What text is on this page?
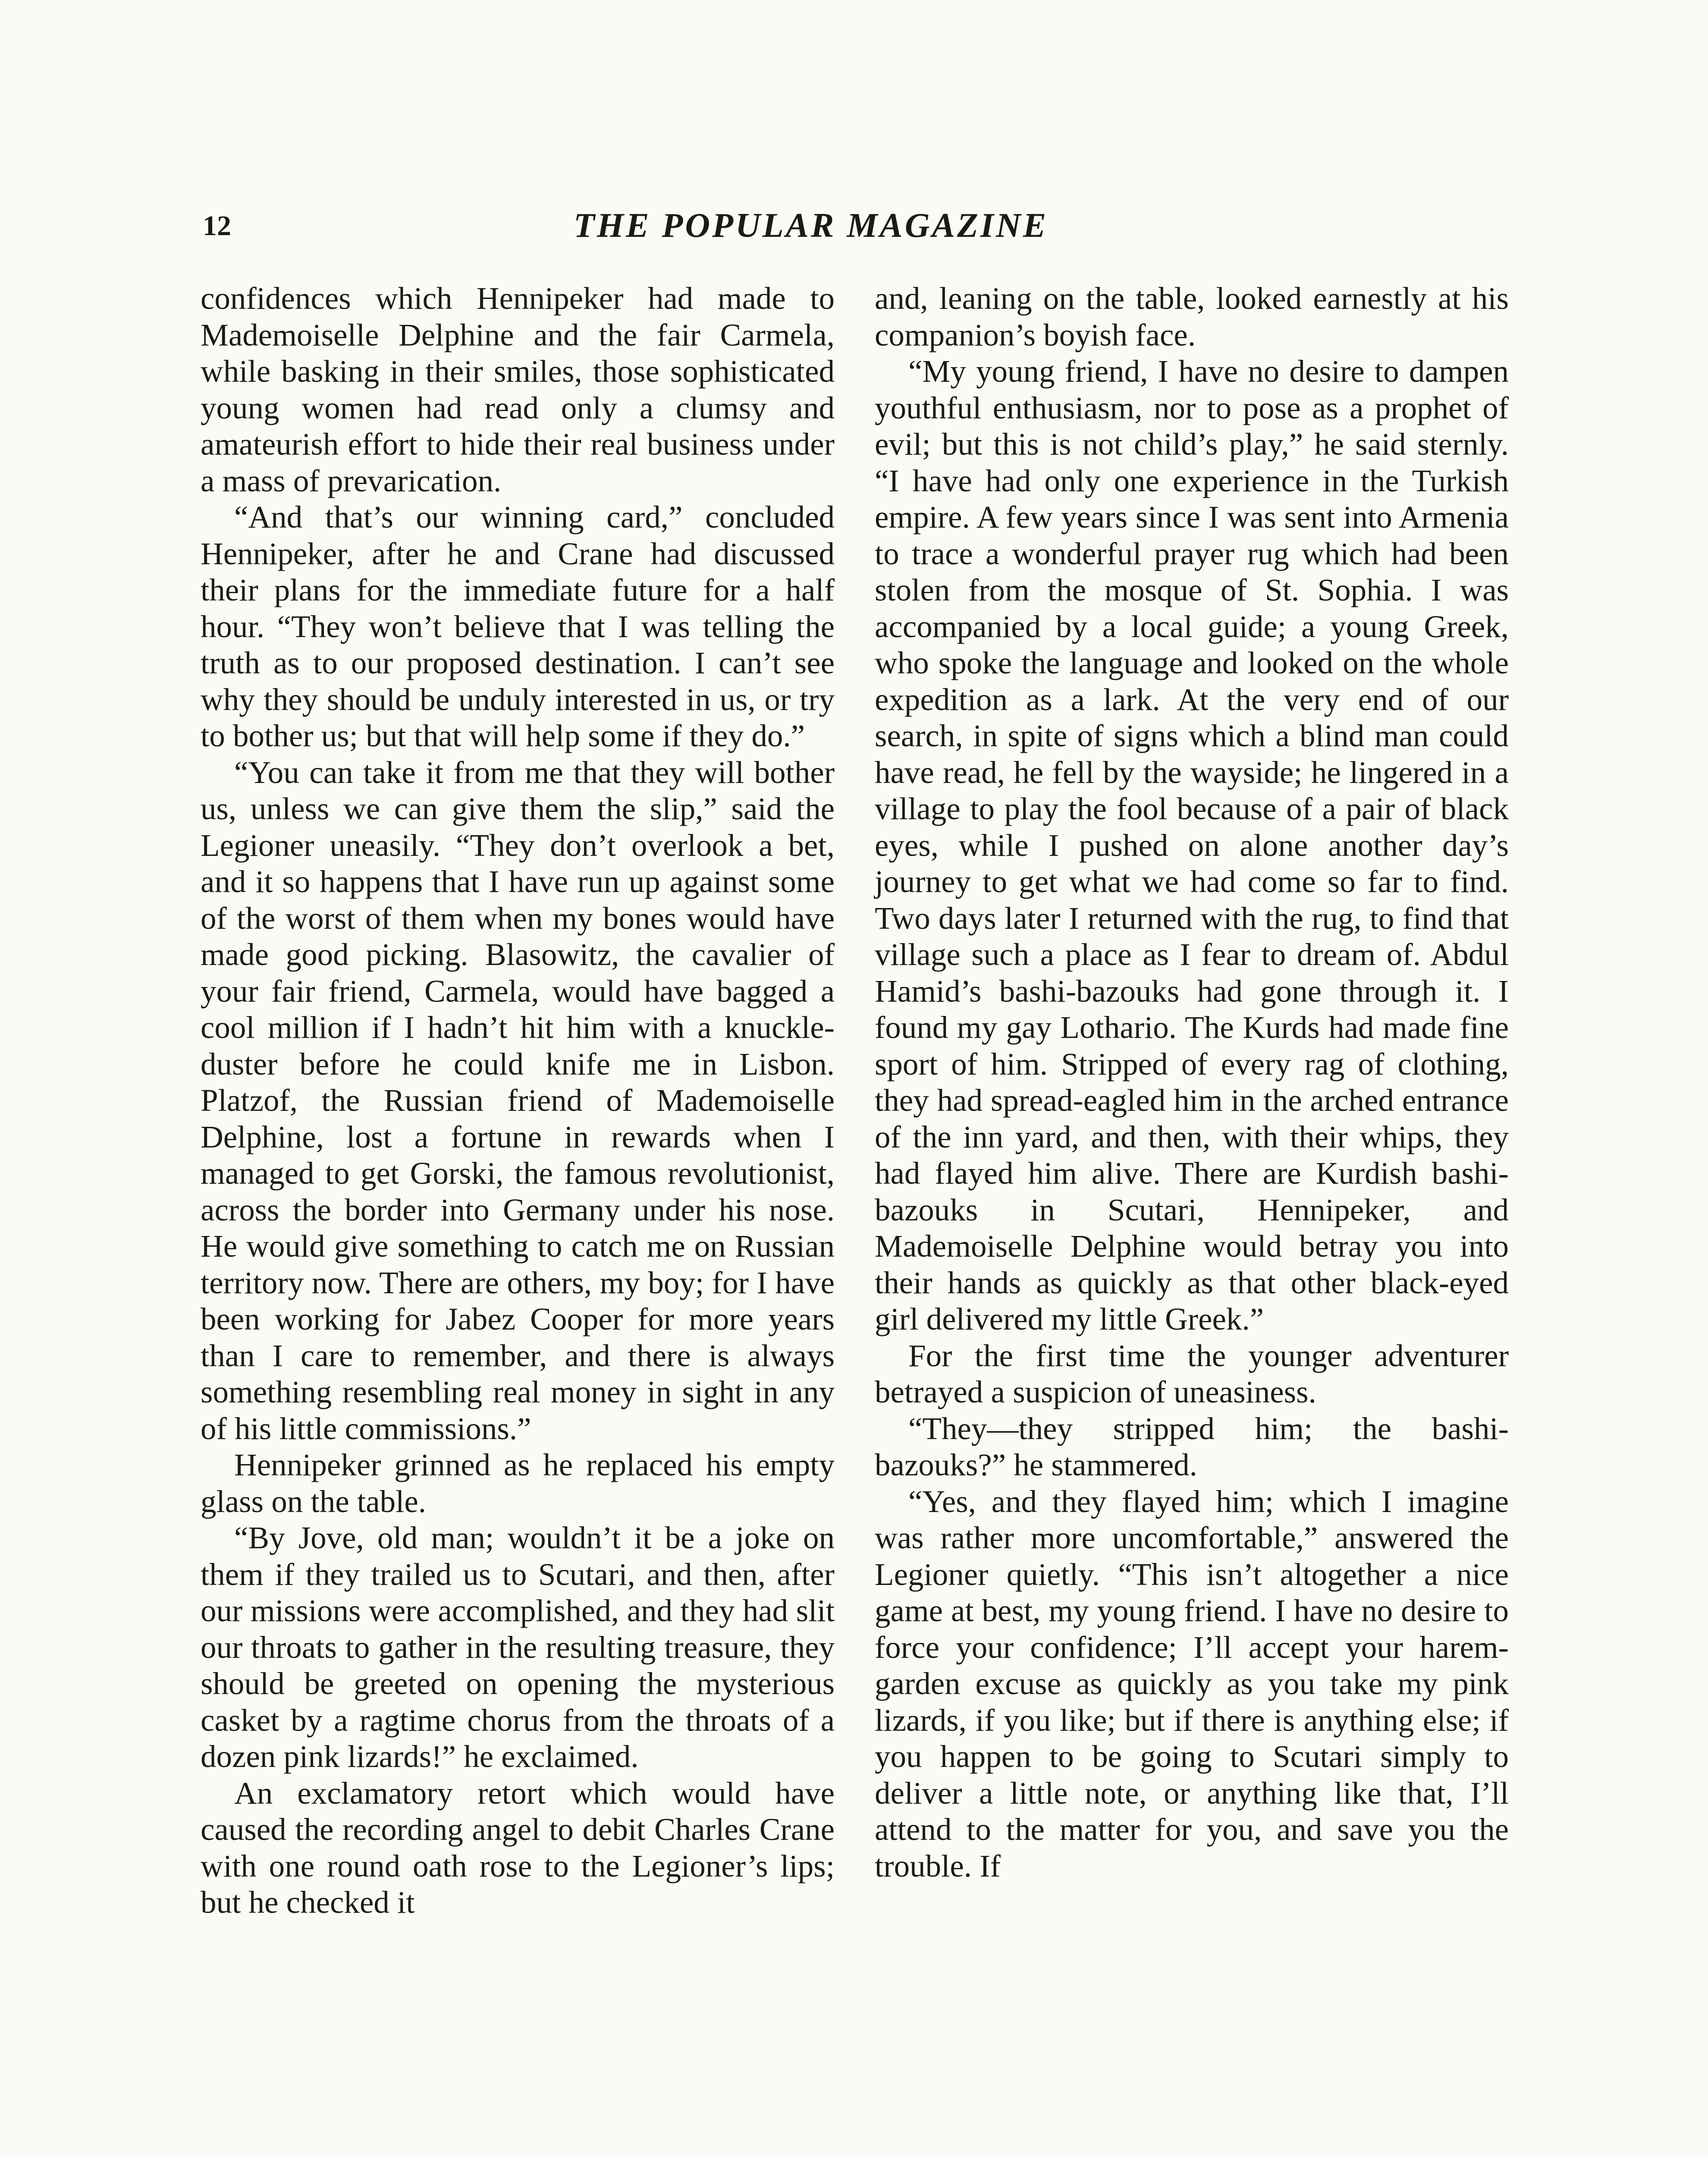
12	THE POPULAR MAGAZINE

confidences which Hennipeker had made to Mademoiselle Delphine and the fair Carmela, while basking in their smiles, those sophisticated young women had read only a clumsy and amateurish effort to hide their real business under a mass of prevarication.

“And that’s our winning card,” concluded Hennipeker, after he and Crane had discussed their plans for the immediate future for a half hour. “They won’t believe that I was telling the truth as to our proposed destination. I can’t see why they should be unduly interested in us, or try to bother us; but that will help some if they do.”

“You can take it from me that they will bother us, unless we can give them the slip,” said the Legioner uneasily. “They don’t overlook a bet, and it so happens that I have run up against some of the worst of them when my bones would have made good picking. Blasowitz, the cavalier of your fair friend, Carmela, would have bagged a cool million if I hadn’t hit him with a knuckle-duster before he could knife me in Lisbon. Platzof, the Russian friend of Mademoiselle Delphine, lost a fortune in rewards when I managed to get Gorski, the famous revolutionist, across the border into Germany under his nose. He would give something to catch me on Russian territory now. There are others, my boy; for I have been working for Jabez Cooper for more years than I care to remember, and there is always something resembling real money in sight in any of his little commissions.”

Hennipeker grinned as he replaced his empty glass on the table.

“By Jove, old man; wouldn’t it be a joke on them if they trailed us to Scutari, and then, after our missions were accomplished, and they had slit our throats to gather in the resulting treasure, they should be greeted on opening the mysterious casket by a ragtime chorus from the throats of a dozen pink lizards!” he exclaimed.

An exclamatory retort which would have caused the recording angel to debit Charles Crane with one round oath rose to the Legioner’s lips; but he checked it

and, leaning on the table, looked earnestly at his companion’s boyish face.

“My young friend, I have no desire to dampen youthful enthusiasm, nor to pose as a prophet of evil; but this is not child’s play,” he said sternly. “I have had only one experience in the Turkish empire. A few years since I was sent into Armenia to trace a wonderful prayer rug which had been stolen from the mosque of St. Sophia. I was accompanied by a local guide; a young Greek, who spoke the language and looked on the whole expedition as a lark. At the very end of our search, in spite of signs which a blind man could have read, he fell by the wayside; he lingered in a village to play the fool because of a pair of black eyes, while I pushed on alone another day’s journey to get what we had come so far to find. Two days later I returned with the rug, to find that village such a place as I fear to dream of. Abdul Hamid’s bashi-bazouks had gone through it. I found my gay Lothario. The Kurds had made fine sport of him. Stripped of every rag of clothing, they had spread-eagled him in the arched entrance of the inn yard, and then, with their whips, they had flayed him alive. There are Kurdish bashi-bazouks in Scutari, Hennipeker, and Mademoiselle Delphine would betray you into their hands as quickly as that other black-eyed girl delivered my little Greek.”

For the first time the younger adventurer betrayed a suspicion of uneasiness.

“They—they stripped him; the bashi-bazouks?” he stammered.

“Yes, and they flayed him; which I imagine was rather more uncomfortable,” answered the Legioner quietly. “This isn’t altogether a nice game at best, my young friend. I have no desire to force your confidence; I’ll accept your harem-garden excuse as quickly as you take my pink lizards, if you like; but if there is anything else; if you happen to be going to Scutari simply to deliver a little note, or anything like that, I’ll attend to the matter for you, and save you the trouble. If
